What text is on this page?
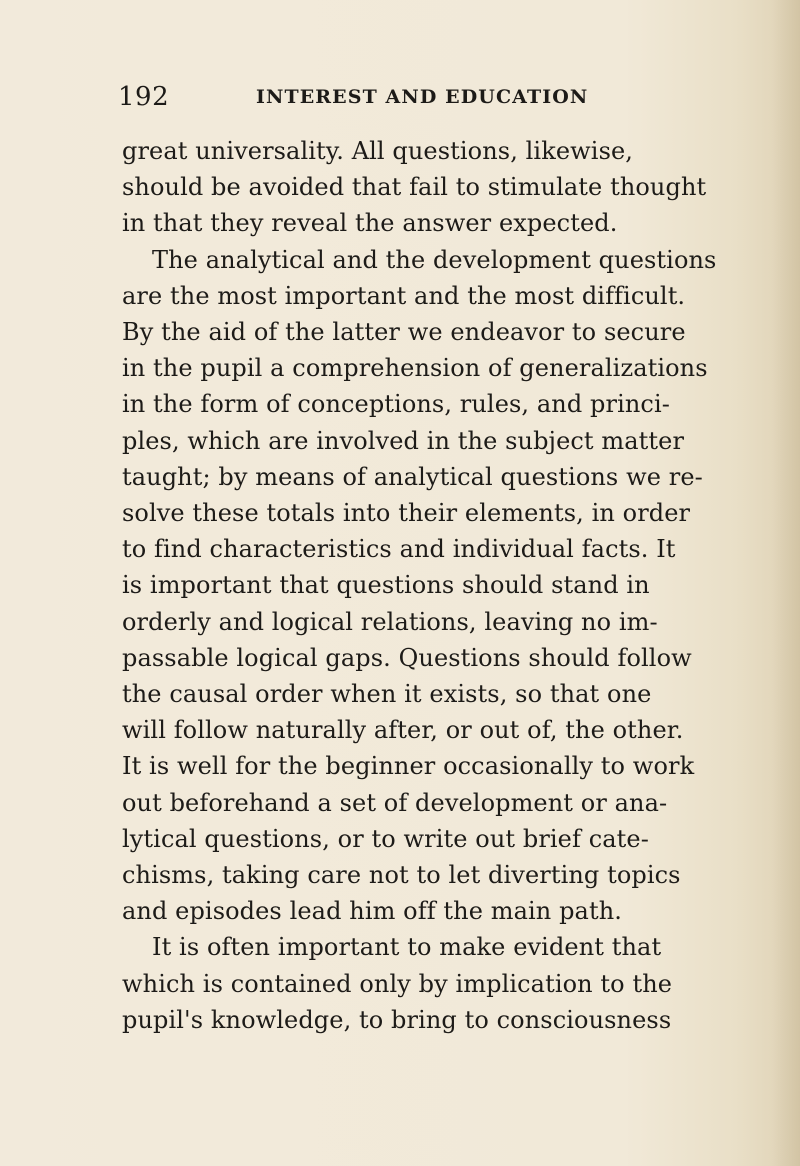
192	INTEREST AND EDUCATION
great universality. All questions, likewise,
should be avoided that fail to stimulate thought
in that they reveal the answer expected.
The analytical and the development questions
are the most important and the most difficult.
By the aid of the latter we endeavor to secure
in the pupil a comprehension of generalizations
in the form of conceptions, rules, and princi-
ples, which are involved in the subject matter
taught; by means of analytical questions we re-
solve these totals into their elements, in order
to find characteristics and individual facts. It
is important that questions should stand in
orderly and logical relations, leaving no im-
passable logical gaps. Questions should follow
the causal order when it exists, so that one
will follow naturally after, or out of, the other.
It is well for the beginner occasionally to work
out beforehand a set of development or ana-
lytical questions, or to write out brief cate-
chisms, taking care not to let diverting topics
and episodes lead him off the main path.
It is often important to make evident that
which is contained only by implication to the
pupil's knowledge, to bring to consciousness
